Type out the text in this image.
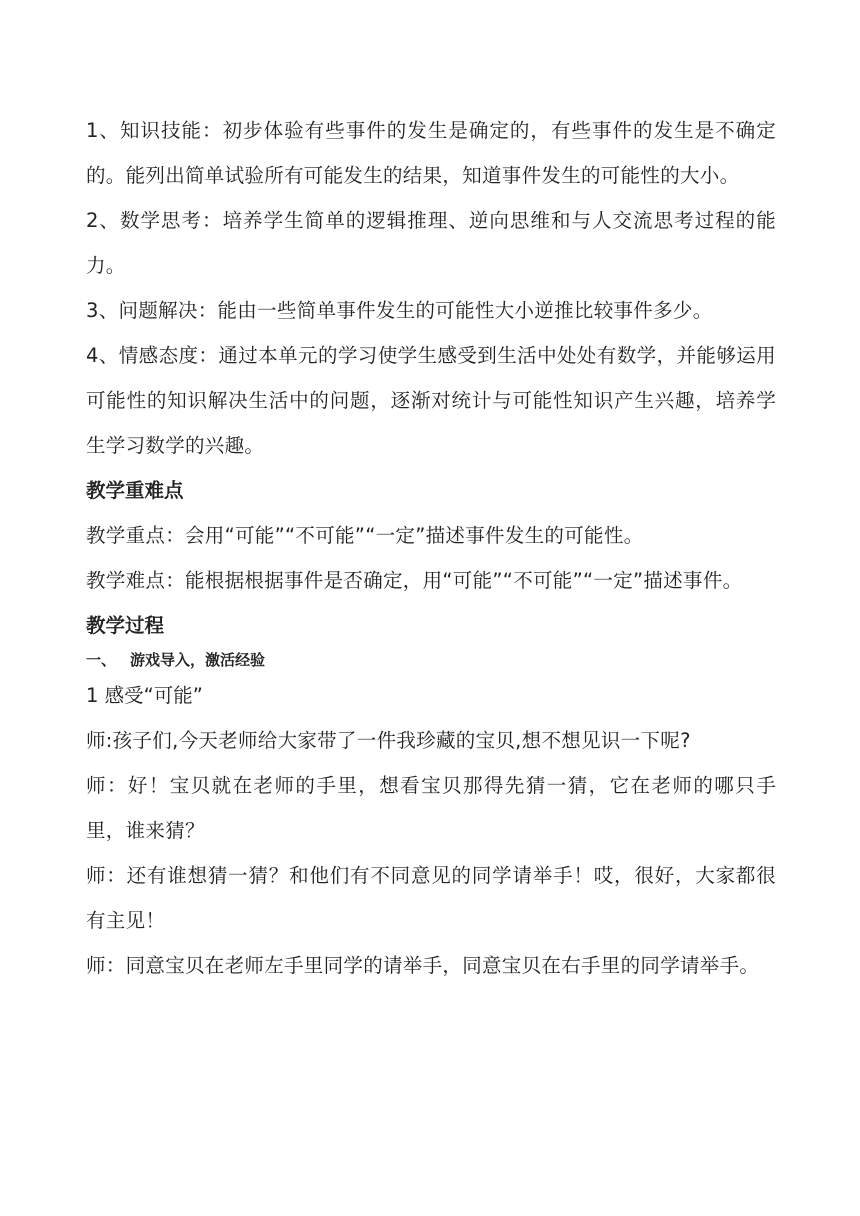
1、知识技能：初步体验有些事件的发生是确定的，有些事件的发生是不确定的。能列出简单试验所有可能发生的结果，知道事件发生的可能性的大小。

2、数学思考：培养学生简单的逻辑推理、逆向思维和与人交流思考过程的能力。

3、问题解决：能由一些简单事件发生的可能性大小逆推比较事件多少。

4、情感态度：通过本单元的学习使学生感受到生活中处处有数学，并能够运用可能性的知识解决生活中的问题，逐渐对统计与可能性知识产生兴趣，培养学生学习数学的兴趣。

教学重难点

教学重点：会用“可能”“不可能”“一定”描述事件发生的可能性。

教学难点：能根据根据事件是否确定，用“可能”“不可能”“一定”描述事件。

教学过程

一、 游戏导入，激活经验

1 感受“可能”

师:孩子们,今天老师给大家带了一件我珍藏的宝贝,想不想见识一下呢?

师：好！宝贝就在老师的手里，想看宝贝那得先猜一猜，它在老师的哪只手里，谁来猜？

师：还有谁想猜一猜？和他们有不同意见的同学请举手！哎，很好，大家都很有主见！

师：同意宝贝在老师左手里同学的请举手，同意宝贝在右手里的同学请举手。
